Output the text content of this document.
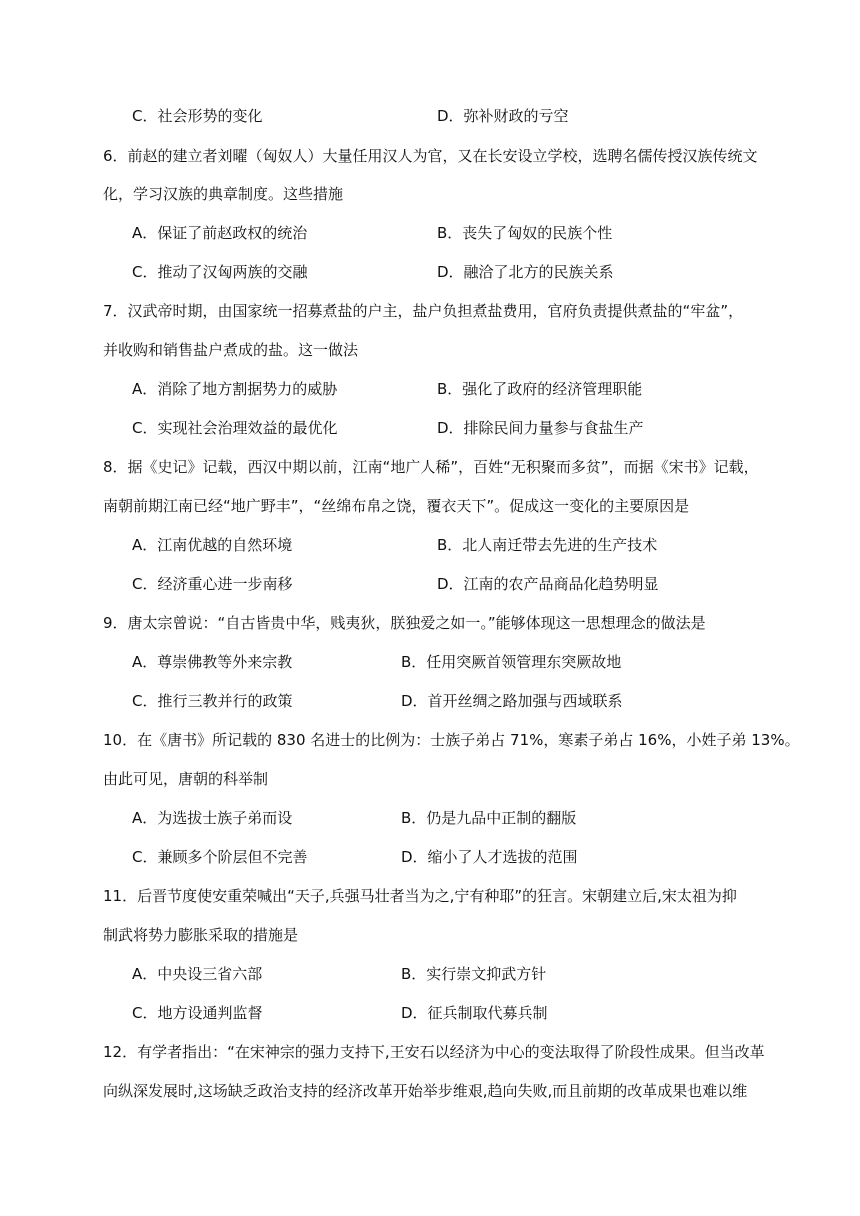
C．社会形势的变化	D．弥补财政的亏空
6．前赵的建立者刘曜（匈奴人）大量任用汉人为官，又在长安设立学校，选聘名儒传授汉族传统文
化，学习汉族的典章制度。这些措施
A．保证了前赵政权的统治	B．丧失了匈奴的民族个性
C．推动了汉匈两族的交融	D．融洽了北方的民族关系
7．汉武帝时期，由国家统一招募煮盐的户主，盐户负担煮盐费用，官府负责提供煮盐的“牢盆”，
并收购和销售盐户煮成的盐。这一做法
A．消除了地方割据势力的威胁	B．强化了政府的经济管理职能
C．实现社会治理效益的最优化	D．排除民间力量参与食盐生产
8．据《史记》记载，西汉中期以前，江南“地广人稀”，百姓“无积聚而多贫”，而据《宋书》记载，
南朝前期江南已经“地广野丰”，“丝绵布帛之饶，覆衣天下”。促成这一变化的主要原因是
A．江南优越的自然环境	B．北人南迁带去先进的生产技术
C．经济重心进一步南移	D．江南的农产品商品化趋势明显
9．唐太宗曾说：“自古皆贵中华，贱夷狄，朕独爱之如一。”能够体现这一思想理念的做法是
A．尊崇佛教等外来宗教	B．任用突厥首领管理东突厥故地
C．推行三教并行的政策	D．首开丝绸之路加强与西域联系
10．在《唐书》所记载的 830 名进士的比例为：士族子弟占 71%，寒素子弟占 16%，小姓子弟 13%。
由此可见，唐朝的科举制
A．为选拔士族子弟而设	B．仍是九品中正制的翻版
C．兼顾多个阶层但不完善	D．缩小了人才选拔的范围
11．后晋节度使安重荣喊出“天子,兵强马壮者当为之,宁有种耶”的狂言。宋朝建立后,宋太祖为抑
制武将势力膨胀采取的措施是
A．中央设三省六部	B．实行崇文抑武方针
C．地方设通判监督	D．征兵制取代募兵制
12．有学者指出：“在宋神宗的强力支持下,王安石以经济为中心的变法取得了阶段性成果。但当改革
向纵深发展时,这场缺乏政治支持的经济改革开始举步维艰,趋向失败,而且前期的改革成果也难以维
